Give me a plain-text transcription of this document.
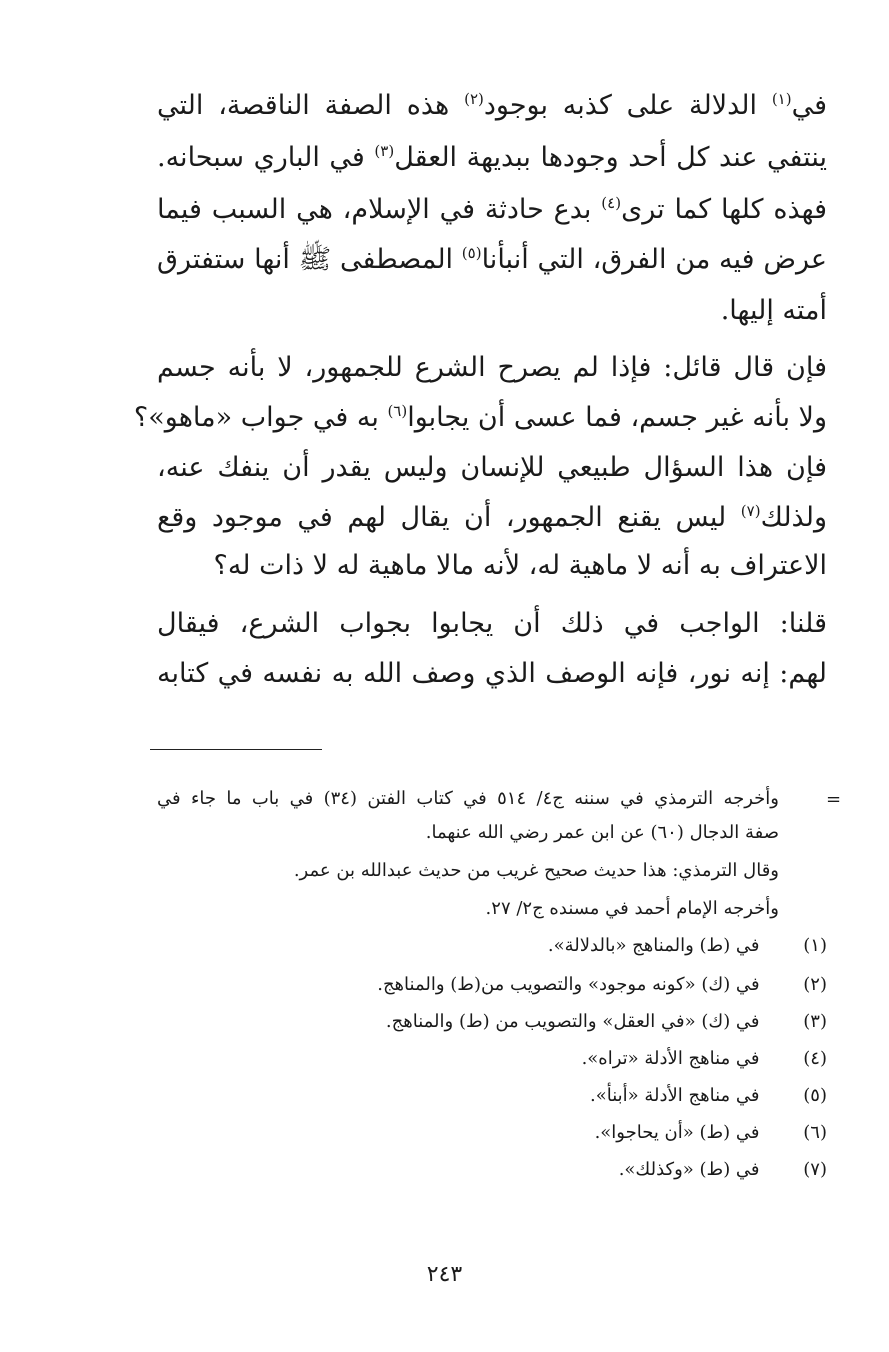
في$^{(١)}$ الدلالة على كذبه بوجود$^{(٢)}$ هذه الصفة الناقصة، التي
ينتفي عند كل أحد وجودها ببديهة العقل$^{(٣)}$ في الباري سبحانه.
فهذه كلها كما ترى$^{(٤)}$ بدع حادثة في الإسلام، هي السبب فيما
عرض فيه من الفرق، التي أنبأنا$^{(٥)}$ المصطفى ﷺ أنها ستفترق
أمته إليها.
فإن قال قائل: فإذا لم يصرح الشرع للجمهور، لا بأنه جسم
ولا بأنه غير جسم، فما عسى أن يجابوا$^{(٦)}$ به في جواب «ماهو»؟
فإن هذا السؤال طبيعي للإنسان وليس يقدر أن ينفك عنه،
ولذلك$^{(٧)}$ ليس يقنع الجمهور، أن يقال لهم في موجود وقع
الاعتراف به أنه لا ماهية له، لأنه مالا ماهية له لا ذات له؟
قلنا: الواجب في ذلك أن يجابوا بجواب الشرع، فيقال
لهم: إنه نور، فإنه الوصف الذي وصف الله به نفسه في كتابه
=
وأخرجه الترمذي في سننه ج٤/ ٥١٤ في كتاب الفتن (٣٤) في باب ما جاء في
صفة الدجال (٦٠) عن ابن عمر رضي الله عنهما.
وقال الترمذي: هذا حديث صحيح غريب من حديث عبدالله بن عمر.
وأخرجه الإمام أحمد في مسنده ج٢/ ٢٧.
(١)  في (ط) والمناهج «بالدلالة».
(٢)  في (ك) «كونه موجود» والتصويب من(ط) والمناهج.
(٣)  في (ك) «في العقل» والتصويب من (ط) والمناهج.
(٤)  في مناهج الأدلة «تراه».
(٥)  في مناهج الأدلة «أبنأ».
(٦)  في (ط) «أن يحاجوا».
(٧)  في (ط) «وكذلك».
٢٤٣
